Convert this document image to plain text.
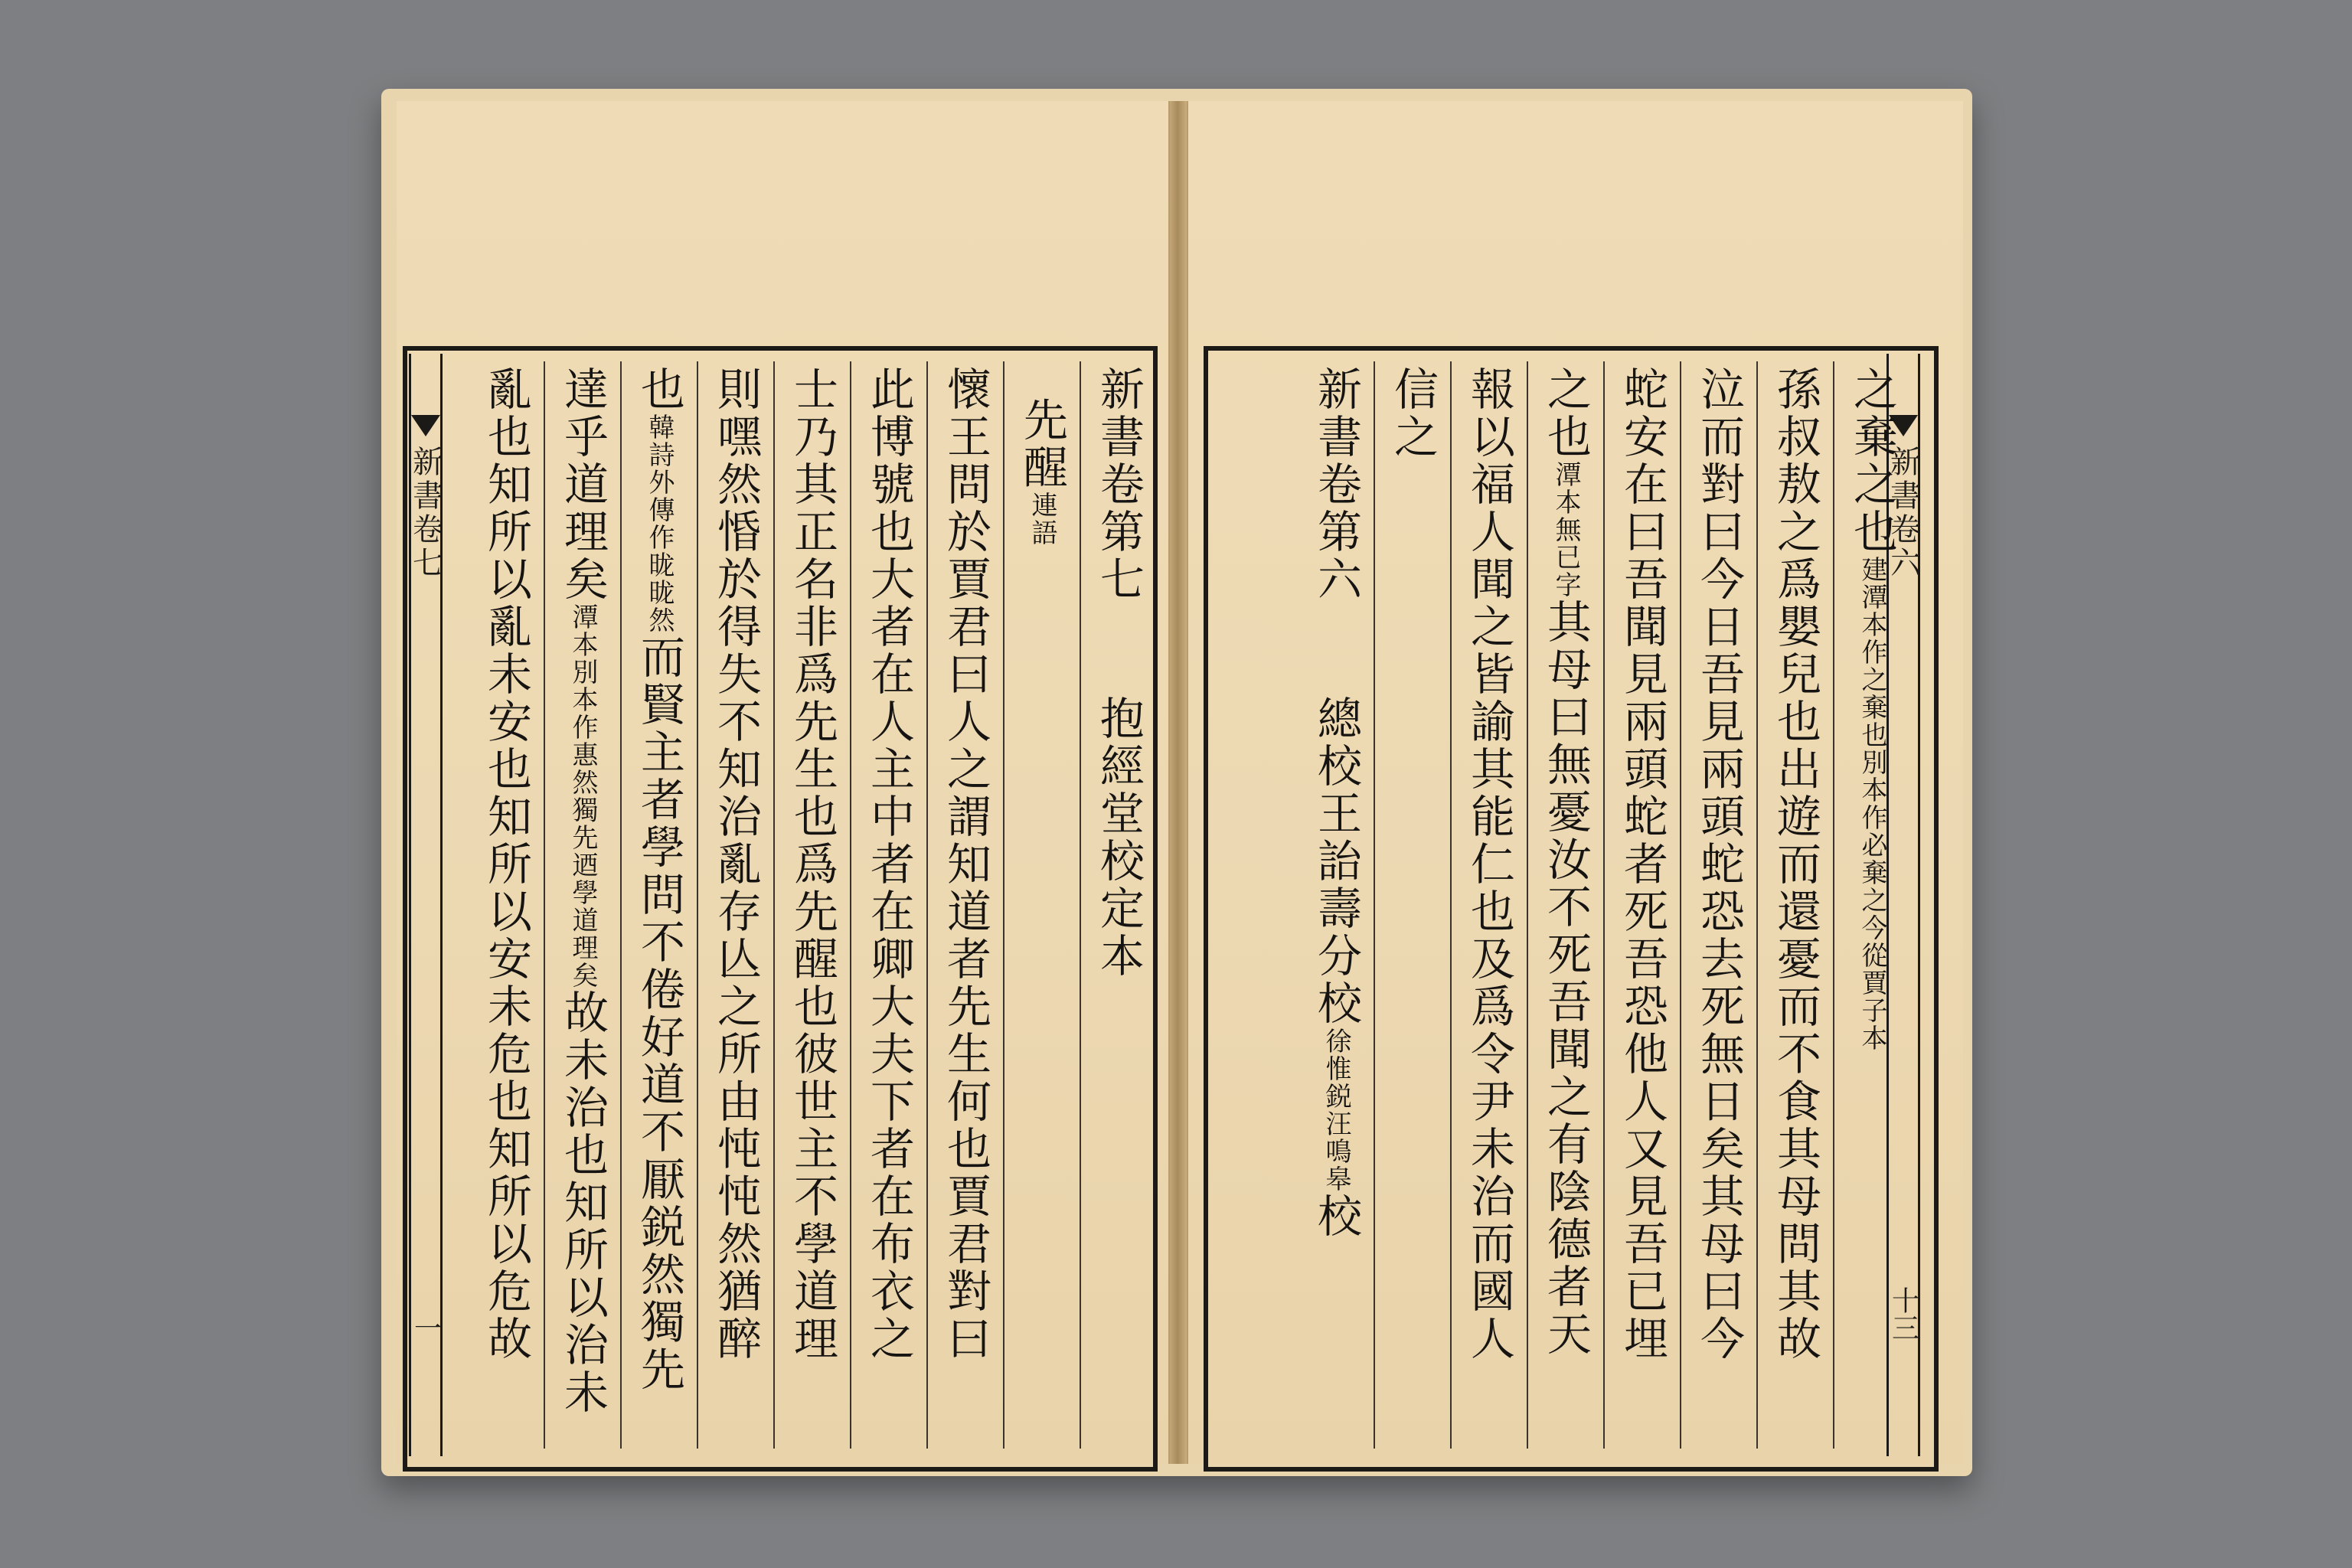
新書卷七
一
新書卷第七抱經堂校定本
先醒連語
懷王問於賈君曰人之謂知道者先生何也賈君對曰
此博號也大者在人主中者在卿大夫下者在布衣之
士乃其正名非爲先生也爲先醒也彼世主不學道理
則嘿然惛於得失不知治亂存亾之所由忳忳然猶醉
也韓詩外傳作昽昽然而賢主者學問不倦好道不厭鋭然獨先
達乎道理矣潭本別本作惠然獨先迺學道理矣故未治也知所以治未
亂也知所以亂未安也知所以安未危也知所以危故	新書卷六
十三
之棄之也建潭本作之棄也別本作必棄之今從賈子本
孫叔敖之爲嬰兒也出遊而還憂而不食其母問其故
泣而對曰今日吾見兩頭蛇恐去死無日矣其母曰今
蛇安在曰吾聞見兩頭蛇者死吾恐他人又見吾已埋
之也潭本無已字其母曰無憂汝不死吾聞之有陰德者天
報以福人聞之皆諭其能仁也及爲令尹未治而國人
信之
新書卷第六總校王詒壽分校徐惟鋭汪鳴皋校
